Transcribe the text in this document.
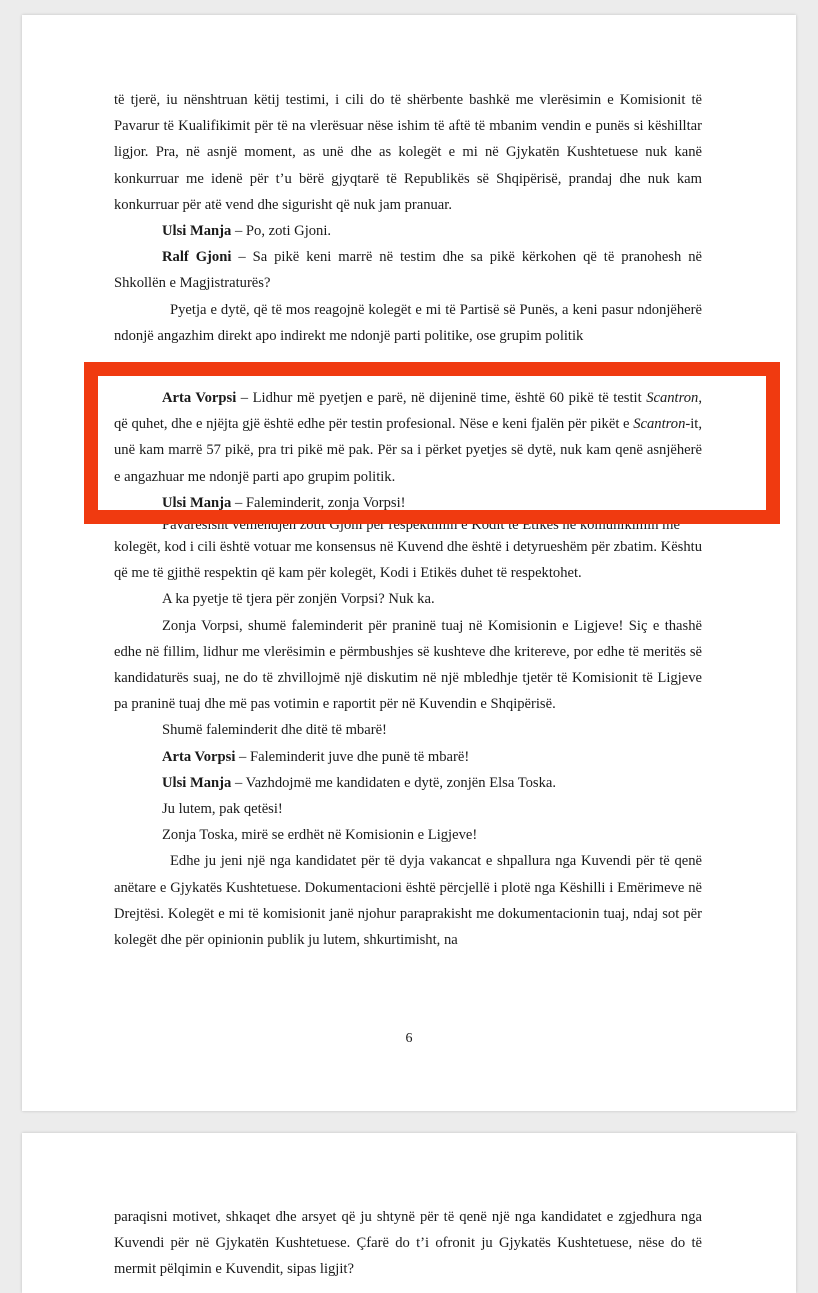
të tjerë, iu nënshtruan këtij testimi, i cili do të shërbente bashkë me vlerësimin e Komisionit të Pavarur të Kualifikimit për të na vlerësuar nëse ishim të aftë të mbanim vendin e punës si këshilltar ligjor. Pra, në asnjë moment, as unë dhe as kolegët e mi në Gjykatën Kushtetuese nuk kanë konkurruar me idenë për t’u bërë gjyqtarë të Republikës së Shqipërisë, prandaj dhe nuk kam konkurruar për atë vend dhe sigurisht që nuk jam pranuar.

Ulsi Manja – Po, zoti Gjoni.

Ralf Gjoni – Sa pikë keni marrë në testim dhe sa pikë kërkohen që të pranohesh në Shkollën e Magjistraturës?

Pyetja e dytë, që të mos reagojnë kolegët e mi të Partisë së Punës, a keni pasur ndonjëherë ndonjë angazhim direkt apo indirekt me ndonjë parti politike, ose grupim politik

Arta Vorpsi – Lidhur më pyetjen e parë, në dijeninë time, është 60 pikë të testit Scantron, që quhet, dhe e njëjta gjë është edhe për testin profesional. Nëse e keni fjalën për pikët e Scantron-it, unë kam marrë 57 pikë, pra tri pikë më pak. Për sa i përket pyetjes së dytë, nuk kam qenë asnjëherë e angazhuar me ndonjë parti apo grupim politik.

Ulsi Manja – Faleminderit, zonja Vorpsi!

Pavarësisht vëmendjen zotit Gjoni për respektimin e Kodit të Etikës në komunikimin me

kolegët, kod i cili është votuar me konsensus në Kuvend dhe është i detyrueshëm për zbatim. Kështu që me të gjithë respektin që kam për kolegët, Kodi i Etikës duhet të respektohet.

A ka pyetje të tjera për zonjën Vorpsi? Nuk ka.

Zonja Vorpsi, shumë faleminderit për praninë tuaj në Komisionin e Ligjeve! Siç e thashë edhe në fillim, lidhur me vlerësimin e përmbushjes së kushteve dhe kritereve, por edhe të meritës së kandidaturës suaj, ne do të zhvillojmë një diskutim në një mbledhje tjetër të Komisionit të Ligjeve pa praninë tuaj dhe më pas votimin e raportit për në Kuvendin e Shqipërisë.

Shumë faleminderit dhe ditë të mbarë!

Arta Vorpsi – Faleminderit juve dhe punë të mbarë!

Ulsi Manja – Vazhdojmë me kandidaten e dytë, zonjën Elsa Toska.

Ju lutem, pak qetësi!

Zonja Toska, mirë se erdhët në Komisionin e Ligjeve!

Edhe ju jeni një nga kandidatet për të dyja vakancat e shpallura nga Kuvendi për të qenë anëtare e Gjykatës Kushtetuese. Dokumentacioni është përcjellë i plotë nga Këshilli i Emërimeve në Drejtësi. Kolegët e mi të komisionit janë njohur paraprakisht me dokumentacionin tuaj, ndaj sot për kolegët dhe për opinionin publik ju lutem, shkurtimisht, na

6

paraqisni motivet, shkaqet dhe arsyet që ju shtynë për të qenë një nga kandidatet e zgjedhura nga Kuvendi për në Gjykatën Kushtetuese. Çfarë do t’i ofronit ju Gjykatës Kushtetuese, nëse do të mermit pëlqimin e Kuvendit, sipas ligjit?
